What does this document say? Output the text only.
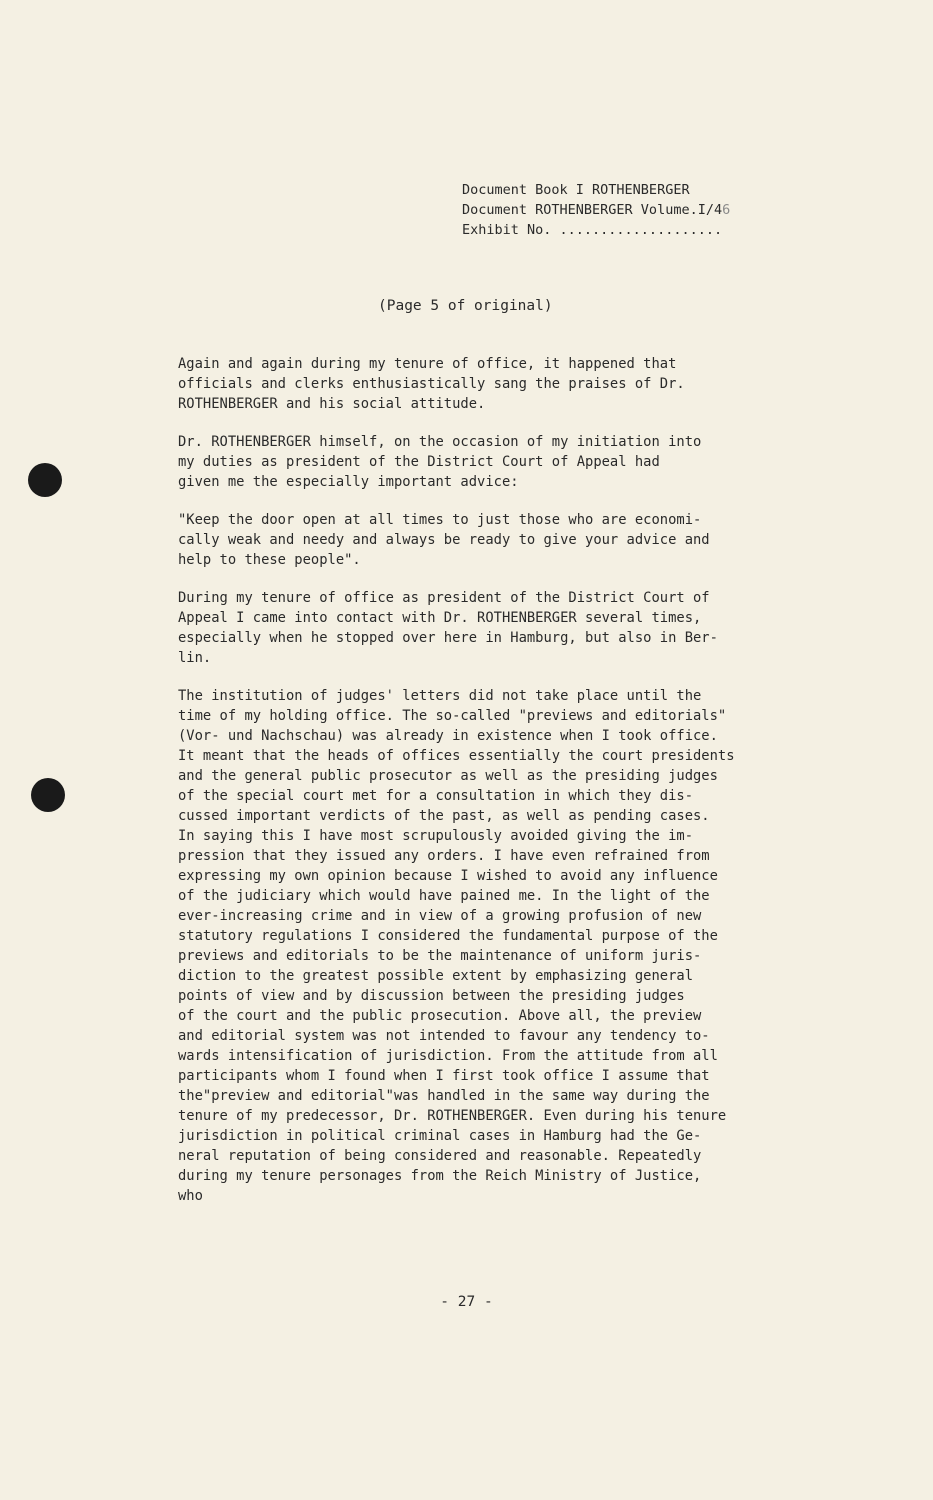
Document Book I ROTHENBERGER
Document ROTHENBERGER Volume.I/46
Exhibit No. ....................
(Page 5 of original)

Again and again during my tenure of office, it happened that
officials and clerks enthusiastically sang the praises of Dr.
ROTHENBERGER and his social attitude.

Dr. ROTHENBERGER himself, on the occasion of my initiation into
my duties as president of the District Court of Appeal had
given me the especially important advice:

"Keep the door open at all times to just those who are economi-
cally weak and needy and always be ready to give your advice and
help to these people".

During my tenure of office as president of the District Court of
Appeal I came into contact with Dr. ROTHENBERGER several times,
especially when he stopped over here in Hamburg, but also in Ber-
lin.

The institution of judges' letters did not take place until the
time of my holding office. The so-called "previews and editorials"
(Vor- und Nachschau) was already in existence when I took office.
It meant that the heads of offices essentially the court presidents
and the general public prosecutor as well as the presiding judges
of the special court met for a consultation in which they dis-
cussed important verdicts of the past, as well as pending cases.
In saying this I have most scrupulously avoided giving the im-
pression that they issued any orders. I have even refrained from
expressing my own opinion because I wished to avoid any influence
of the judiciary which would have pained me. In the light of the
ever-increasing crime and in view of a growing profusion of new
statutory regulations I considered the fundamental purpose of the
previews and editorials to be the maintenance of uniform juris-
diction to the greatest possible extent by emphasizing general
points of view and by discussion between the presiding judges
of the court and the public prosecution. Above all, the preview
and editorial system was not intended to favour any tendency to-
wards intensification of jurisdiction. From the attitude from all
participants whom I found when I first took office I assume that
the"preview and editorial"was handled in the same way during the
tenure of my predecessor, Dr. ROTHENBERGER. Even during his tenure
jurisdiction in political criminal cases in Hamburg had the Ge-
neral reputation of being considered and reasonable. Repeatedly
during my tenure personages from the Reich Ministry of Justice,
who

- 27 -
